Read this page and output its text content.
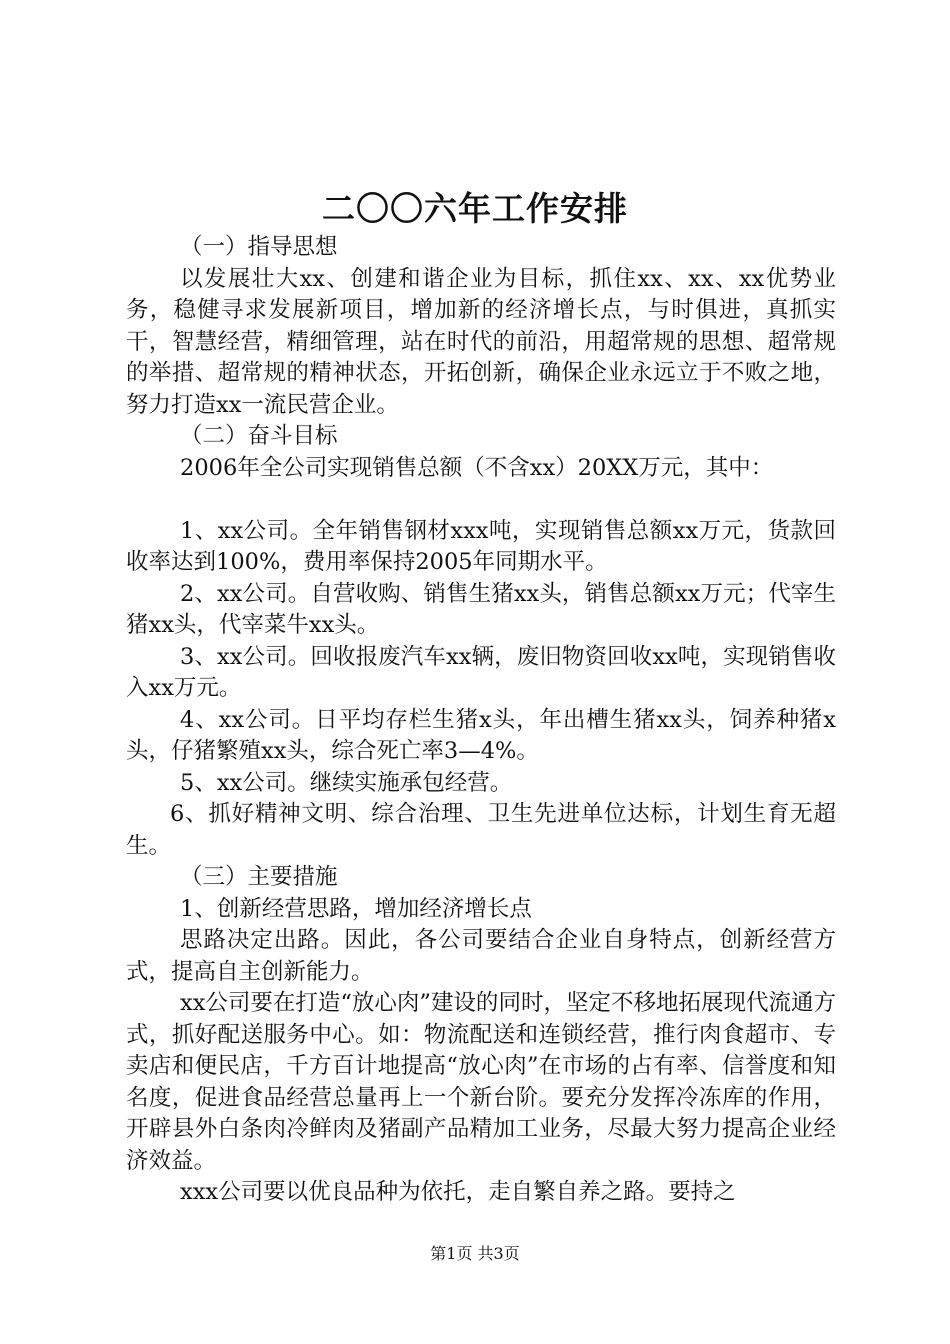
二〇〇六年工作安排

（一）指导思想

以发展壮大xx、创建和谐企业为目标，抓住xx、xx、xx优势业务，稳健寻求发展新项目，增加新的经济增长点，与时俱进，真抓实干，智慧经营，精细管理，站在时代的前沿，用超常规的思想、超常规的举措、超常规的精神状态，开拓创新，确保企业永远立于不败之地，努力打造xx一流民营企业。

（二）奋斗目标

2006年全公司实现销售总额（不含xx）20XX万元，其中：

1、xx公司。全年销售钢材xxx吨，实现销售总额xx万元，货款回收率达到100%，费用率保持2005年同期水平。

2、xx公司。自营收购、销售生猪xx头，销售总额xx万元；代宰生猪xx头，代宰菜牛xx头。

3、xx公司。回收报废汽车xx辆，废旧物资回收xx吨，实现销售收入xx万元。

4、xx公司。日平均存栏生猪x头，年出槽生猪xx头，饲养种猪x头，仔猪繁殖xx头，综合死亡率3—4%。

5、xx公司。继续实施承包经营。

6、抓好精神文明、综合治理、卫生先进单位达标，计划生育无超生。

（三）主要措施

1、创新经营思路，增加经济增长点

思路决定出路。因此，各公司要结合企业自身特点，创新经营方式，提高自主创新能力。

xx公司要在打造“放心肉”建设的同时，坚定不移地拓展现代流通方式，抓好配送服务中心。如：物流配送和连锁经营，推行肉食超市、专卖店和便民店，千方百计地提高“放心肉”在市场的占有率、信誉度和知名度，促进食品经营总量再上一个新台阶。要充分发挥冷冻库的作用，开辟县外白条肉冷鲜肉及猪副产品精加工业务，尽最大努力提高企业经济效益。

xxx公司要以优良品种为依托，走自繁自养之路。要持之

第1页 共3页
